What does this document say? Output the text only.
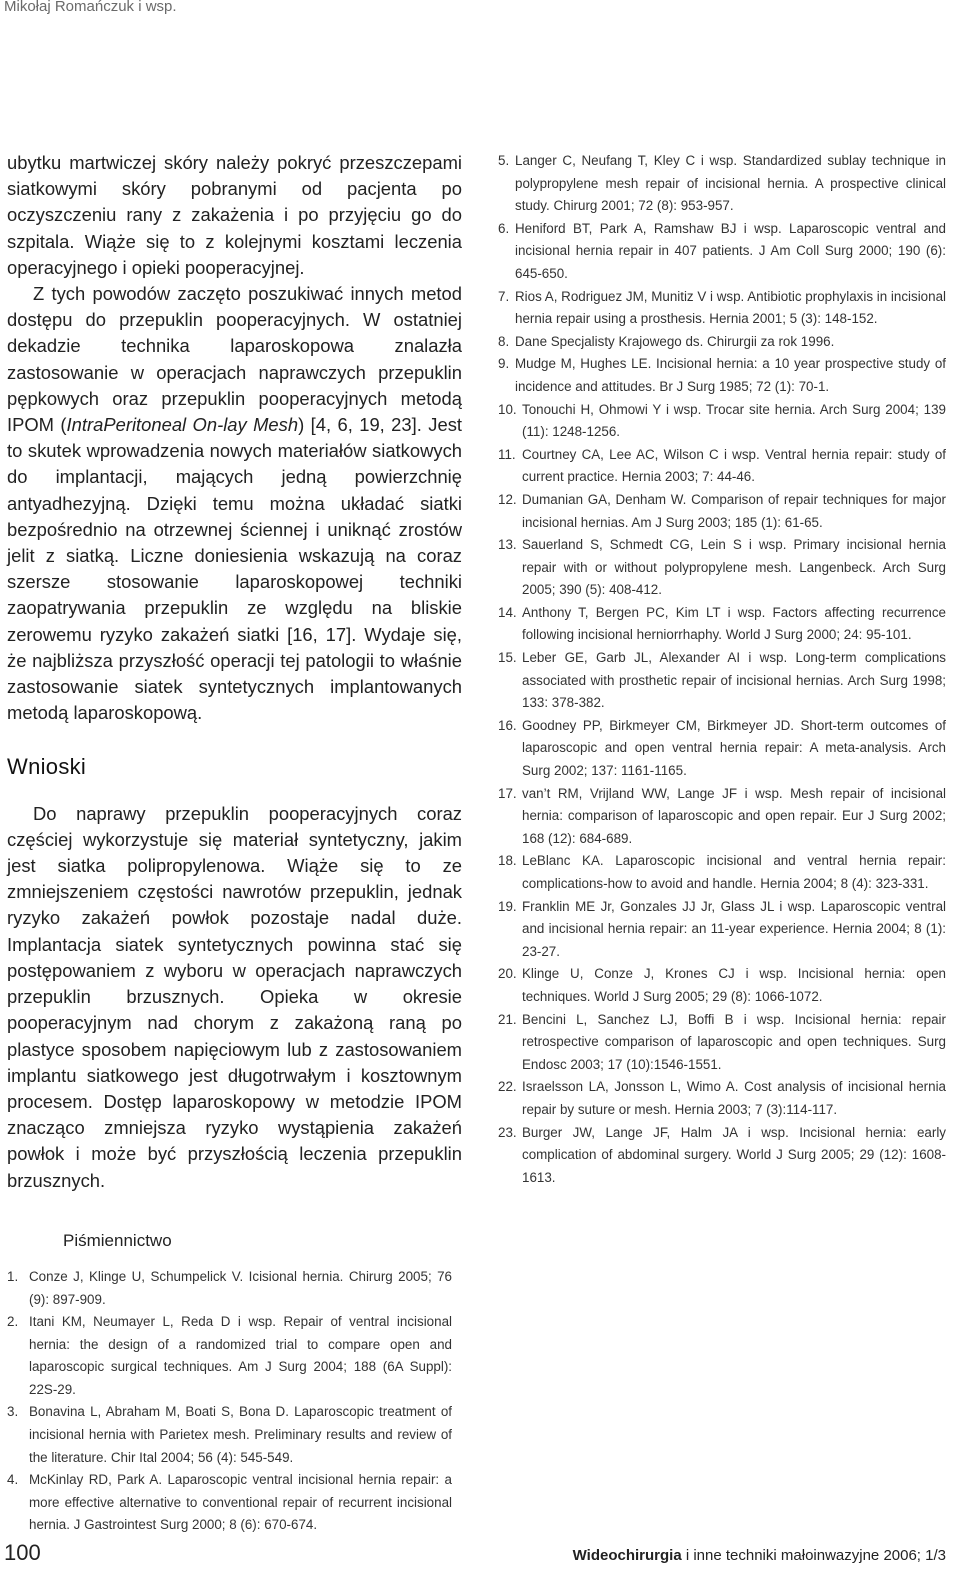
Mikołaj Romańczuk i wsp.

ubytku martwiczej skóry należy pokryć przeszczepami siatkowymi skóry pobranymi od pacjenta po oczyszczeniu rany z zakażenia i po przyjęciu go do szpitala. Wiąże się to z kolejnymi kosztami leczenia operacyjnego i opieki pooperacyjnej.

Z tych powodów zaczęto poszukiwać innych metod dostępu do przepuklin pooperacyjnych. W ostatniej dekadzie technika laparoskopowa znalazła zastosowanie w operacjach naprawczych przepuklin pępkowych oraz przepuklin pooperacyjnych metodą IPOM (IntraPeritoneal On-lay Mesh) [4, 6, 19, 23]. Jest to skutek wprowadzenia nowych materiałów siatkowych do implantacji, mających jedną powierzchnię antyadhezyjną. Dzięki temu można układać siatki bezpośrednio na otrzewnej ściennej i uniknąć zrostów jelit z siatką. Liczne doniesienia wskazują na coraz szersze stosowanie laparoskopowej techniki zaopatrywania przepuklin ze względu na bliskie zerowemu ryzyko zakażeń siatki [16, 17]. Wydaje się, że najbliższa przyszłość operacji tej patologii to właśnie zastosowanie siatek syntetycznych implantowanych metodą laparoskopową.

Wnioski

Do naprawy przepuklin pooperacyjnych coraz częściej wykorzystuje się materiał syntetyczny, jakim jest siatka polipropylenowa. Wiąże się to ze zmniejszeniem częstości nawrotów przepuklin, jednak ryzyko zakażeń powłok pozostaje nadal duże. Implantacja siatek syntetycznych powinna stać się postępowaniem z wyboru w operacjach naprawczych przepuklin brzusznych. Opieka w okresie pooperacyjnym nad chorym z zakażoną raną po plastyce sposobem napięciowym lub z zastosowaniem implantu siatkowego jest długotrwałym i kosztownym procesem. Dostęp laparoskopowy w metodzie IPOM znacząco zmniejsza ryzyko wystąpienia zakażeń powłok i może być przyszłością leczenia przepuklin brzusznych.

Piśmiennictwo
1. Conze J, Klinge U, Schumpelick V. Icisional hernia. Chirurg 2005; 76 (9): 897-909.
2. Itani KM, Neumayer L, Reda D i wsp. Repair of ventral incisional hernia: the design of a randomized trial to compare open and laparoscopic surgical techniques. Am J Surg 2004; 188 (6A Suppl): 22S-29.
3. Bonavina L, Abraham M, Boati S, Bona D. Laparoscopic treatment of incisional hernia with Parietex mesh. Preliminary results and review of the literature. Chir Ital 2004; 56 (4): 545-549.
4. McKinlay RD, Park A. Laparoscopic ventral incisional hernia repair: a more effective alternative to conventional repair of recurrent incisional hernia. J Gastrointest Surg 2000; 8 (6): 670-674.
5. Langer C, Neufang T, Kley C i wsp. Standardized sublay technique in polypropylene mesh repair of incisional hernia. A prospective clinical study. Chirurg 2001; 72 (8): 953-957.
6. Heniford BT, Park A, Ramshaw BJ i wsp. Laparoscopic ventral and incisional hernia repair in 407 patients. J Am Coll Surg 2000; 190 (6): 645-650.
7. Rios A, Rodriguez JM, Munitiz V i wsp. Antibiotic prophylaxis in incisional hernia repair using a prosthesis. Hernia 2001; 5 (3): 148-152.
8. Dane Specjalisty Krajowego ds. Chirurgii za rok 1996.
9. Mudge M, Hughes LE. Incisional hernia: a 10 year prospective study of incidence and attitudes. Br J Surg 1985; 72 (1): 70-1.
10. Tonouchi H, Ohmowi Y i wsp. Trocar site hernia. Arch Surg 2004; 139 (11): 1248-1256.
11. Courtney CA, Lee AC, Wilson C i wsp. Ventral hernia repair: study of current practice. Hernia 2003; 7: 44-46.
12. Dumanian GA, Denham W. Comparison of repair techniques for major incisional hernias. Am J Surg 2003; 185 (1): 61-65.
13. Sauerland S, Schmedt CG, Lein S i wsp. Primary incisional hernia repair with or without polypropylene mesh. Langenbeck. Arch Surg 2005; 390 (5): 408-412.
14. Anthony T, Bergen PC, Kim LT i wsp. Factors affecting recurrence following incisional herniorrhaphy. World J Surg 2000; 24: 95-101.
15. Leber GE, Garb JL, Alexander AI i wsp. Long-term complications associated with prosthetic repair of incisional hernias. Arch Surg 1998; 133: 378-382.
16. Goodney PP, Birkmeyer CM, Birkmeyer JD. Short-term outcomes of laparoscopic and open ventral hernia repair: A meta-analysis. Arch Surg 2002; 137: 1161-1165.
17. van’t RM, Vrijland WW, Lange JF i wsp. Mesh repair of incisional hernia: comparison of laparoscopic and open repair. Eur J Surg 2002; 168 (12): 684-689.
18. LeBlanc KA. Laparoscopic incisional and ventral hernia repair: complications-how to avoid and handle. Hernia 2004; 8 (4): 323-331.
19. Franklin ME Jr, Gonzales JJ Jr, Glass JL i wsp. Laparoscopic ventral and incisional hernia repair: an 11-year experience. Hernia 2004; 8 (1): 23-27.
20. Klinge U, Conze J, Krones CJ i wsp. Incisional hernia: open techniques. World J Surg 2005; 29 (8): 1066-1072.
21. Bencini L, Sanchez LJ, Boffi B i wsp. Incisional hernia: repair retrospective comparison of laparoscopic and open techniques. Surg Endosc 2003; 17 (10):1546-1551.
22. Israelsson LA, Jonsson L, Wimo A. Cost analysis of incisional hernia repair by suture or mesh. Hernia 2003; 7 (3):114-117.
23. Burger JW, Lange JF, Halm JA i wsp. Incisional hernia: early complication of abdominal surgery. World J Surg 2005; 29 (12): 1608-1613.
100	Wideochirurgia i inne techniki małoinwazyjne 2006; 1/3
